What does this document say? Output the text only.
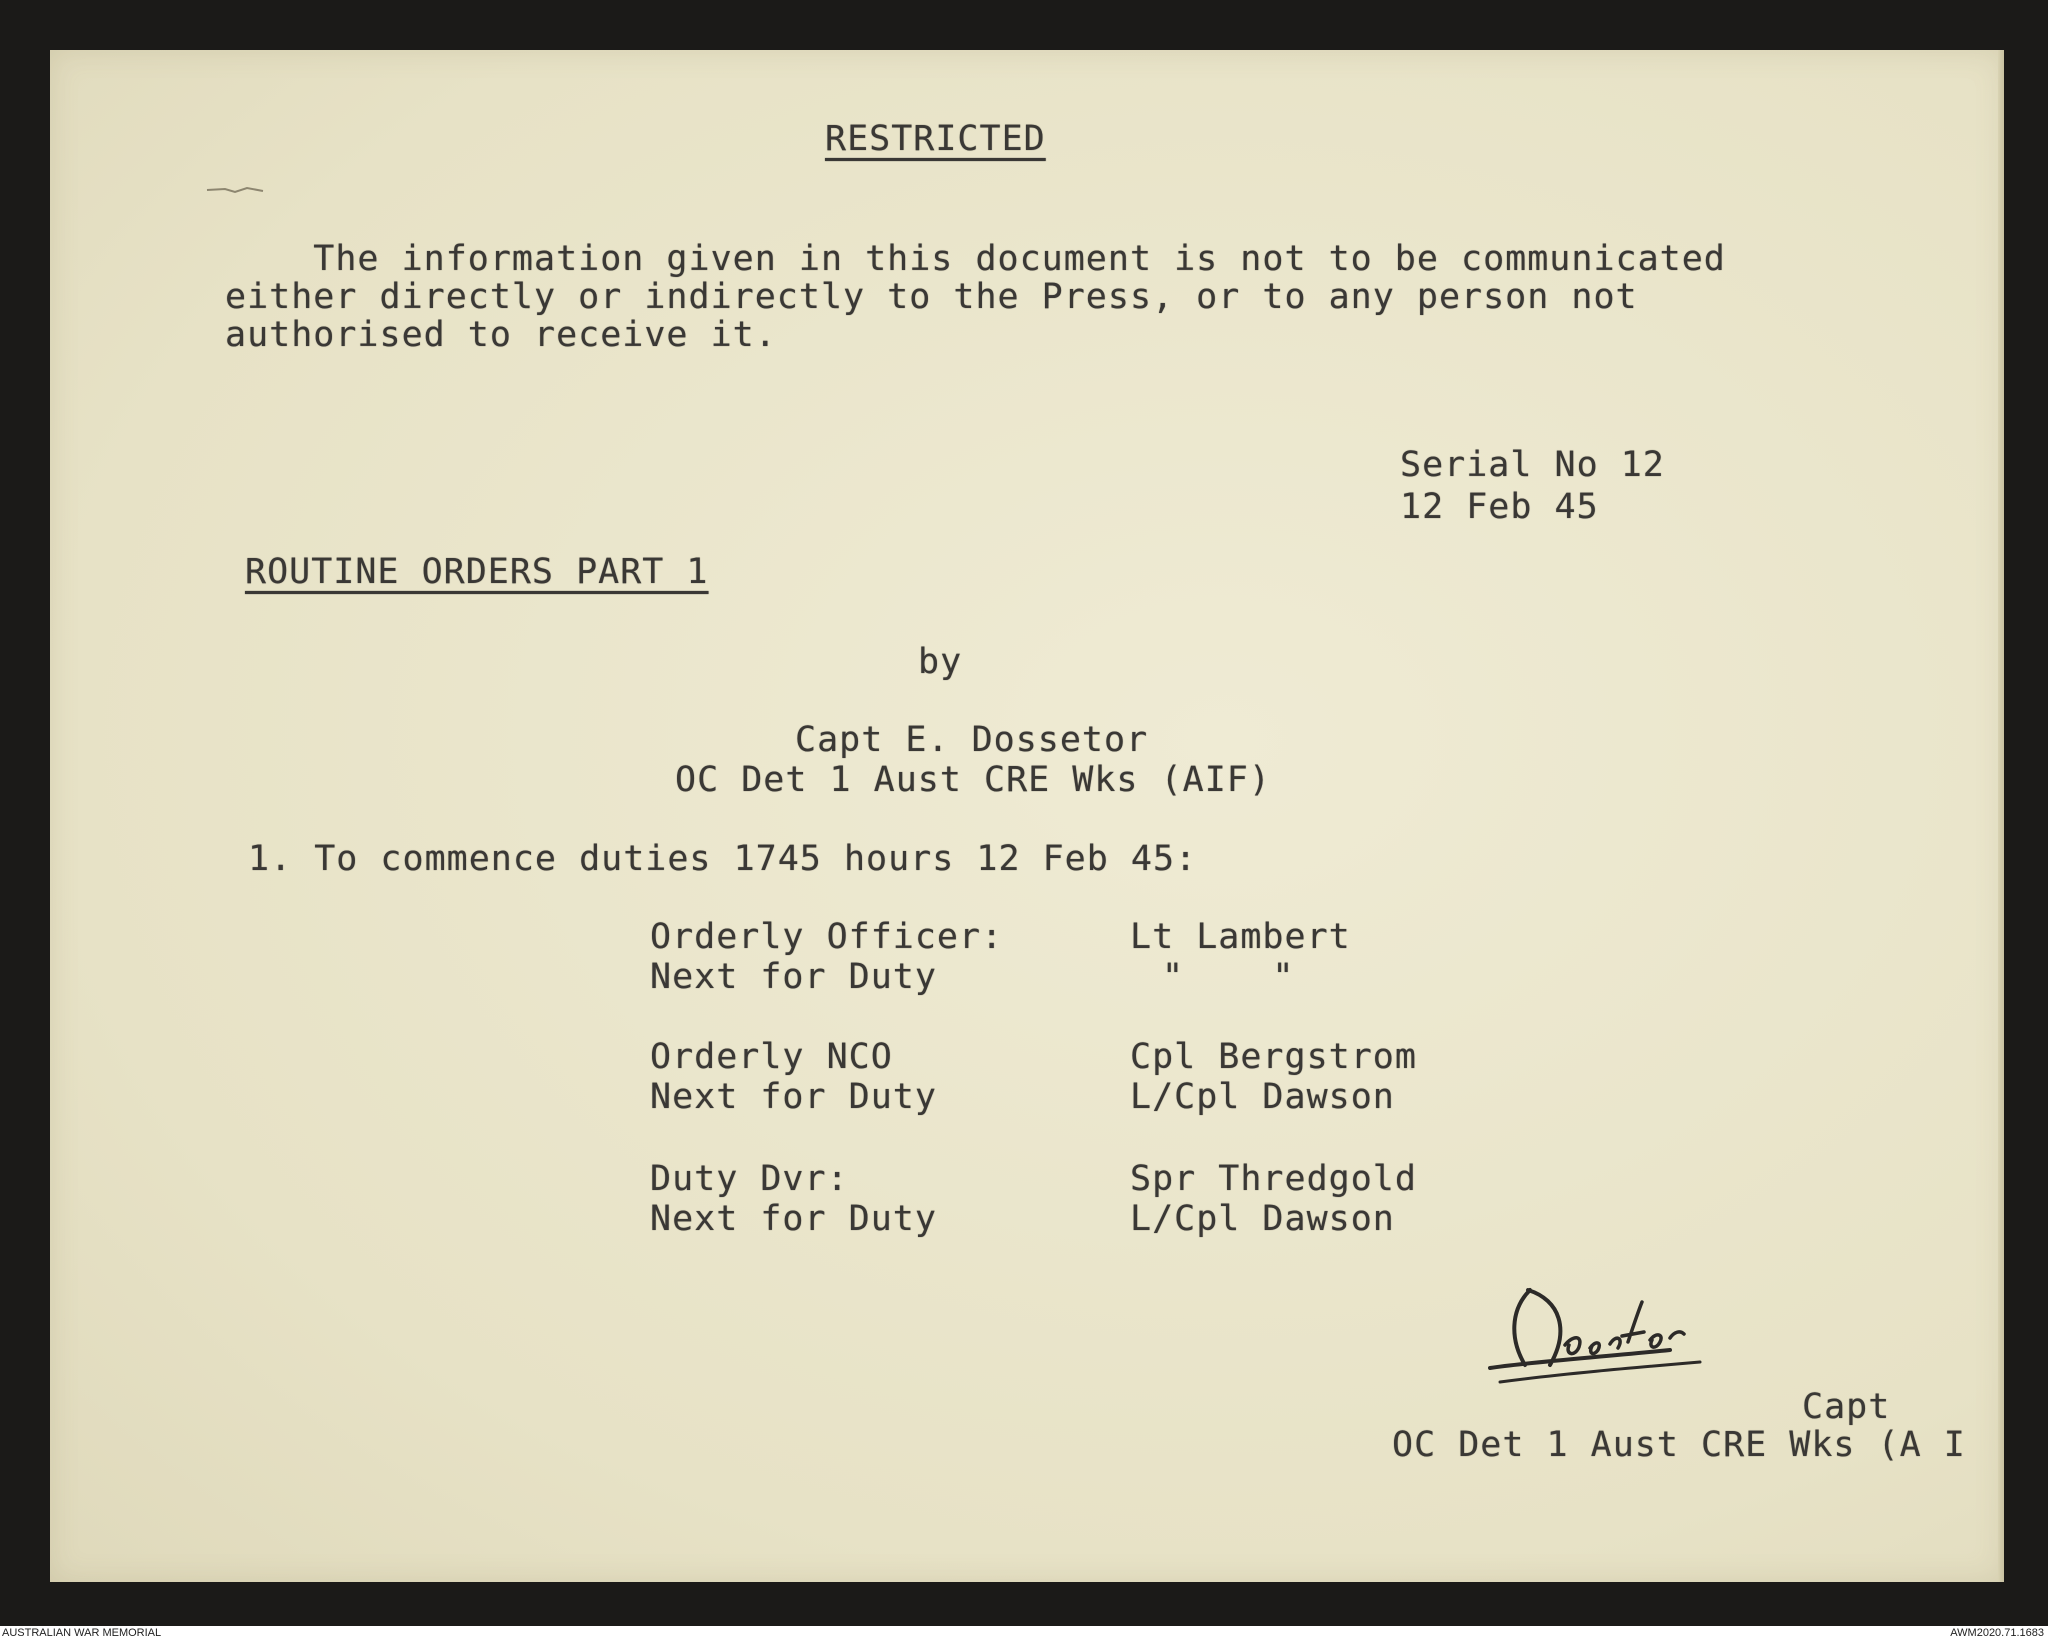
RESTRICTED
The information given in this document is not to be communicated
either directly or indirectly to the Press, or to any person not
authorised to receive it.
Serial No 12
12 Feb 45
ROUTINE ORDERS PART 1
by
Capt E. Dossetor
OC Det 1 Aust CRE Wks (AIF)
1. To commence duties 1745 hours 12 Feb 45:
Orderly Officer:	Lt Lambert
Next for Duty	"    "
Orderly NCO	Cpl Bergstrom
Next for Duty	L/Cpl Dawson
Duty Dvr:	Spr Thredgold
Next for Duty	L/Cpl Dawson
Capt
OC Det 1 Aust CRE Wks (A I
AUSTRALIAN WAR MEMORIAL	AWM2020.71.1683
